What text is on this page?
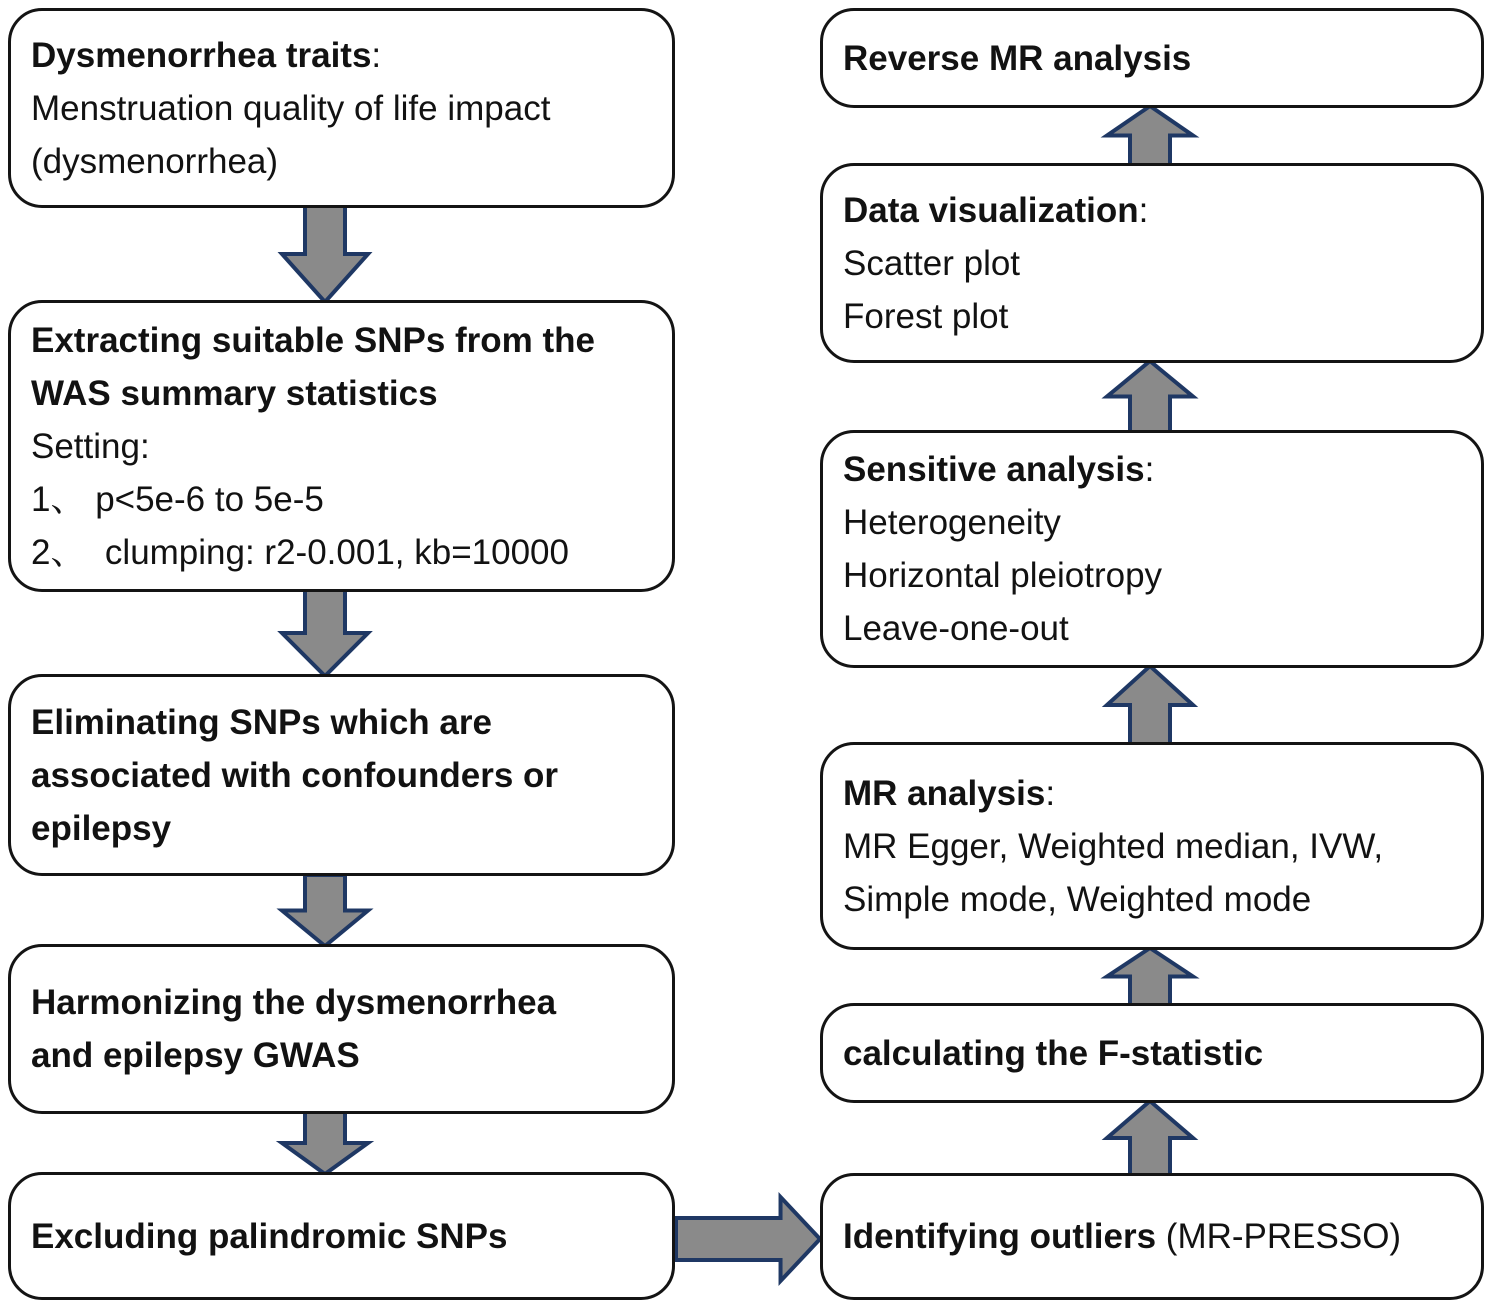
Dysmenorrhea traits:
Menstruation quality of life impact
(dysmenorrhea)
Extracting suitable SNPs from the
WAS summary statistics
Setting:
1、 p<5e-6 to 5e-5
2、  clumping: r2-0.001, kb=10000
Eliminating SNPs which are
associated with confounders or
epilepsy
Harmonizing the dysmenorrhea
and epilepsy GWAS
Excluding palindromic SNPs
Reverse MR analysis
Data visualization:
Scatter plot
Forest plot
Sensitive analysis:
Heterogeneity
Horizontal pleiotropy
Leave-one-out
MR analysis:
MR Egger, Weighted median, IVW,
Simple mode, Weighted mode
calculating the F-statistic
Identifying outliers (MR-PRESSO)
